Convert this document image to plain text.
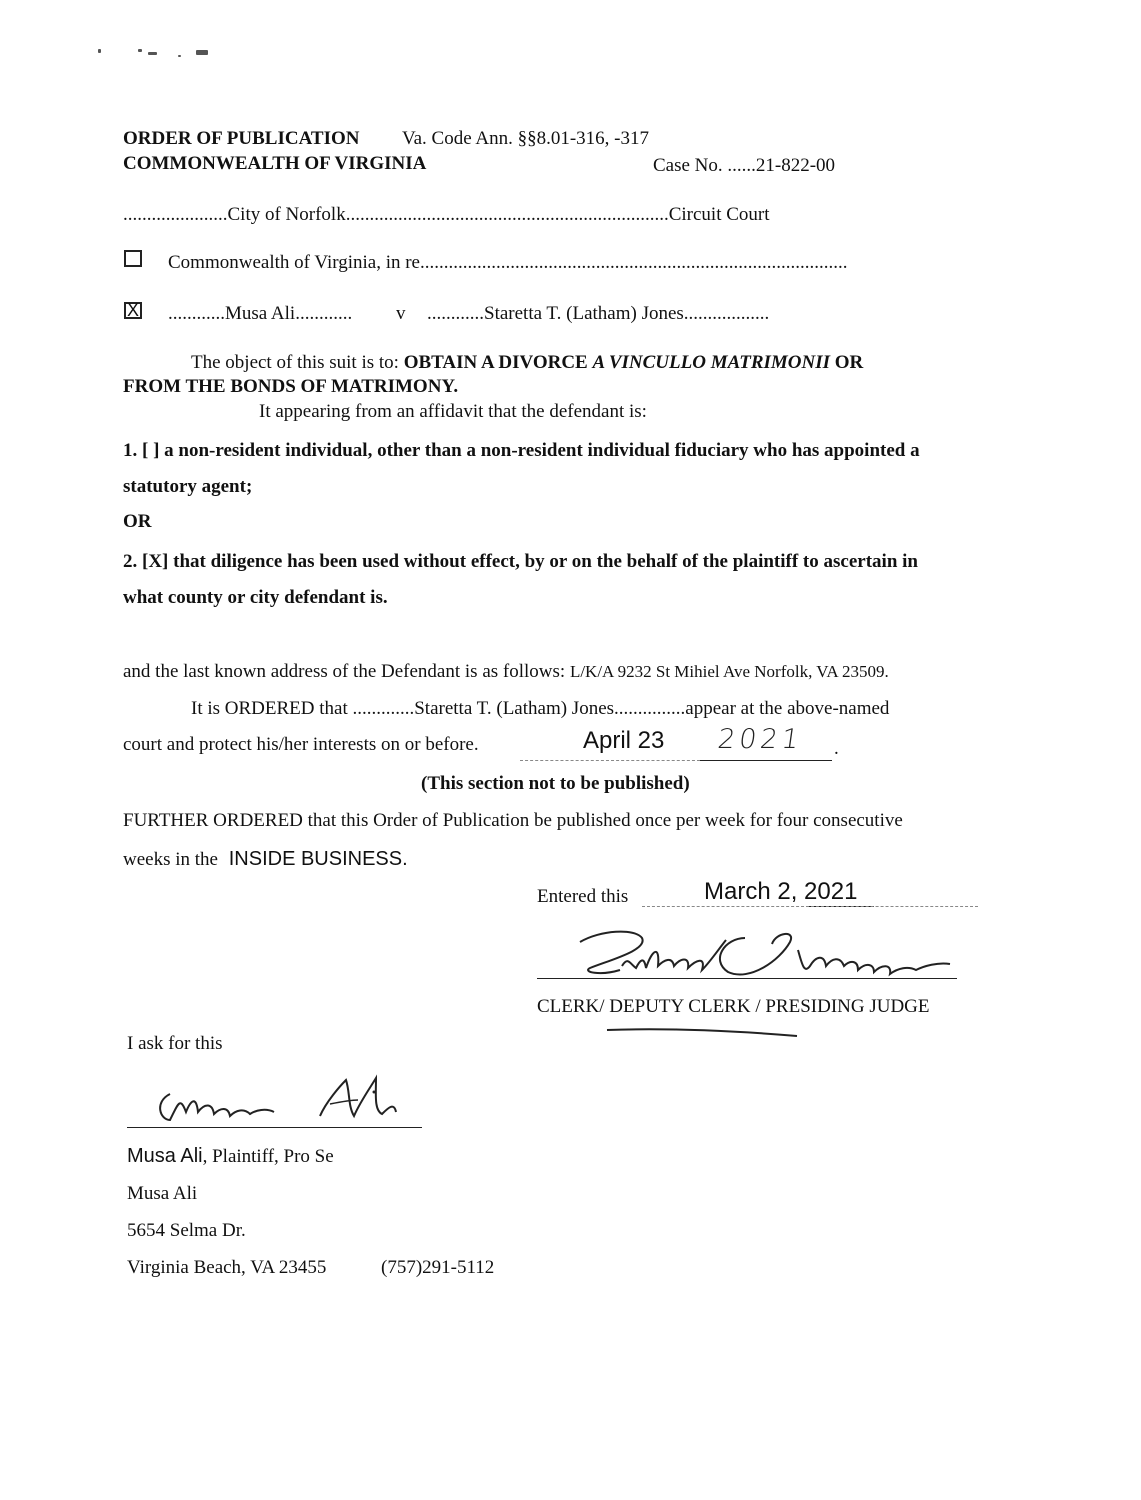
ORDER OF PUBLICATION Va. Code Ann. §§8.01-316, -317
COMMONWEALTH OF VIRGINIA	Case No. ......21-822-00
......................City of Norfolk....................................................................Circuit Court
Commonwealth of Virginia, in re..........................................................................................
X ............Musa Ali............ v ............Staretta T. (Latham) Jones..................
The object of this suit is to: OBTAIN A DIVORCE A VINCULLO MATRIMONII OR
FROM THE BONDS OF MATRIMONY.
It appearing from an affidavit that the defendant is:
1. [ ] a non-resident individual, other than a non-resident individual fiduciary who has appointed a
statutory agent;
OR
2. [X] that diligence has been used without effect, by or on the behalf of the plaintiff to ascertain in
what county or city defendant is.
and the last known address of the Defendant is as follows: L/K/A 9232 St Mihiel Ave Norfolk, VA 23509.
It is ORDERED that .............Staretta T. (Latham) Jones...............appear at the above-named
court and protect his/her interests on or before.	April 23 2021 .
(This section not to be published)
FURTHER ORDERED that this Order of Publication be published once per week for four consecutive
weeks in the INSIDE BUSINESS.
Entered this	March 2, 2021
CLERK/ DEPUTY CLERK / PRESIDING JUDGE
I ask for this
Musa Ali, Plaintiff, Pro Se
Musa Ali
5654 Selma Dr.
Virginia Beach, VA 23455	(757)291-5112
